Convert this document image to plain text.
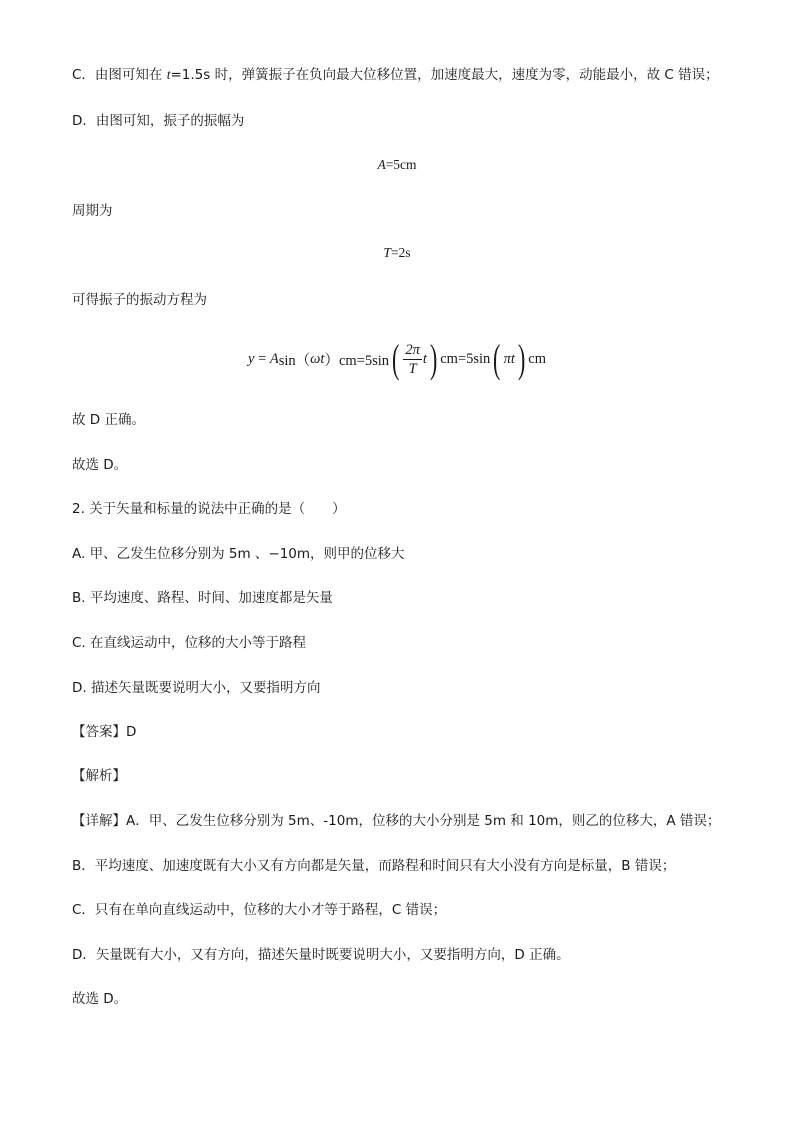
C．由图可知在 t=1.5s 时，弹簧振子在负向最大位移位置，加速度最大，速度为零，动能最小，故 C 错误；
D．由图可知，振子的振幅为
A=5cm
周期为
T=2s
可得振子的振动方程为
y = A sin（ ωt ）cm=5sin ( $\frac{2\pi}{T}$ t ) cm=5sin ( πt ) cm
故 D 正确。
故选 D。
2. 关于矢量和标量的说法中正确的是（　　）
A. 甲、乙发生位移分别为 5m 、−10m，则甲的位移大
B. 平均速度、路程、时间、加速度都是矢量
C. 在直线运动中，位移的大小等于路程
D. 描述矢量既要说明大小，又要指明方向
【答案】D
【解析】
【详解】A．甲、乙发生位移分别为 5m、-10m，位移的大小分别是 5m 和 10m，则乙的位移大，A 错误；
B．平均速度、加速度既有大小又有方向都是矢量，而路程和时间只有大小没有方向是标量，B 错误；
C．只有在单向直线运动中，位移的大小才等于路程，C 错误；
D．矢量既有大小，又有方向，描述矢量时既要说明大小，又要指明方向，D 正确。
故选 D。
